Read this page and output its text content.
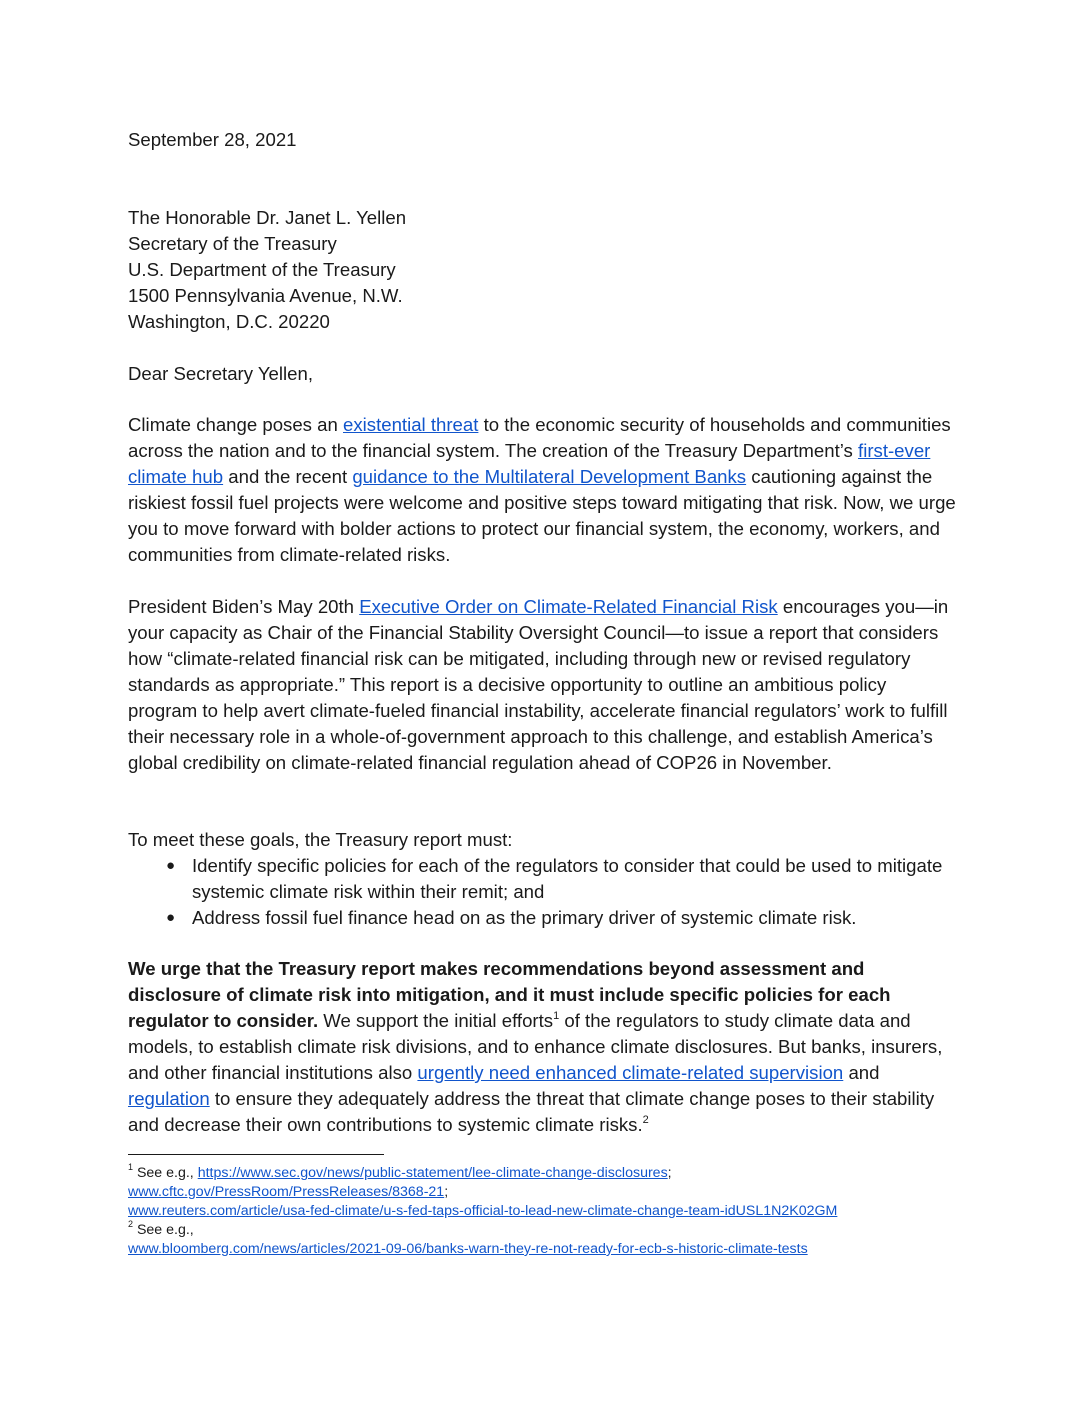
September 28, 2021

The Honorable Dr. Janet L. Yellen

Secretary of the Treasury

U.S. Department of the Treasury

1500 Pennsylvania Avenue, N.W.

Washington, D.C. 20220

Dear Secretary Yellen,

Climate change poses an existential threat to the economic security of households and communities across the nation and to the financial system. The creation of the Treasury Department’s first-ever climate hub and the recent guidance to the Multilateral Development Banks cautioning against the riskiest fossil fuel projects were welcome and positive steps toward mitigating that risk. Now, we urge you to move forward with bolder actions to protect our financial system, the economy, workers, and communities from climate-related risks.

President Biden’s May 20th Executive Order on Climate-Related Financial Risk encourages you—in your capacity as Chair of the Financial Stability Oversight Council—to issue a report that considers how “climate-related financial risk can be mitigated, including through new or revised regulatory standards as appropriate.” This report is a decisive opportunity to outline an ambitious policy program to help avert climate-fueled financial instability, accelerate financial regulators’ work to fulfill their necessary role in a whole-of-government approach to this challenge, and establish America’s global credibility on climate-related financial regulation ahead of COP26 in November.

To meet these goals, the Treasury report must:

● Identify specific policies for each of the regulators to consider that could be used to mitigate systemic climate risk within their remit; and
● Address fossil fuel finance head on as the primary driver of systemic climate risk.

We urge that the Treasury report makes recommendations beyond assessment and disclosure of climate risk into mitigation, and it must include specific policies for each regulator to consider. We support the initial efforts$^1$ of the regulators to study climate data and models, to establish climate risk divisions, and to enhance climate disclosures. But banks, insurers, and other financial institutions also urgently need enhanced climate-related supervision and regulation to ensure they adequately address the threat that climate change poses to their stability and decrease their own contributions to systemic climate risks.$^2$

$^1$ See e.g., https://www.sec.gov/news/public-statement/lee-climate-change-disclosures;
www.cftc.gov/PressRoom/PressReleases/8368-21;
www.reuters.com/article/usa-fed-climate/u-s-fed-taps-official-to-lead-new-climate-change-team-idUSL1N2K02GM

$^2$ See e.g.,
www.bloomberg.com/news/articles/2021-09-06/banks-warn-they-re-not-ready-for-ecb-s-historic-climate-tests
